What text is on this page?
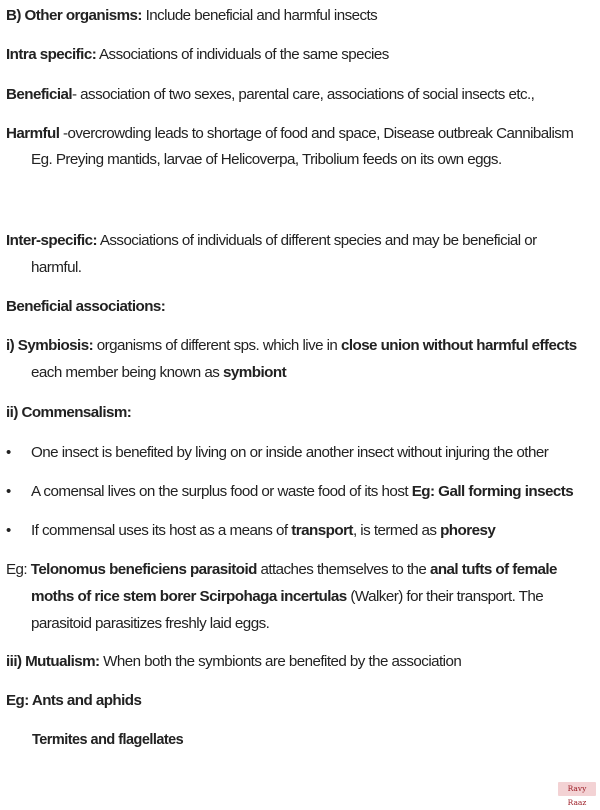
B) Other organisms: Include beneficial and harmful insects
Intra specific: Associations of individuals of the same species
Beneficial- association of two sexes, parental care, associations of social insects etc.,
Harmful -overcrowding leads to shortage of food and space, Disease outbreak Cannibalism
Eg. Preying mantids, larvae of Helicoverpa, Tribolium feeds on its own eggs.
Inter-specific: Associations of individuals of different species and may be beneficial or
harmful.
Beneficial associations:
i) Symbiosis: organisms of different sps. which live in close union without harmful effects
each member being known as symbiont
ii) Commensalism:
• One insect is benefited by living on or inside another insect without injuring the other
• A comensal lives on the surplus food or waste food of its host Eg: Gall forming insects
• If commensal uses its host as a means of transport, is termed as phoresy
Eg: Telonomus beneficiens parasitoid attaches themselves to the anal tufts of female
moths of rice stem borer Scirpohaga incertulas (Walker) for their transport. The
parasitoid parasitizes freshly laid eggs.
iii) Mutualism: When both the symbionts are benefited by the association
Eg: Ants and aphids
Termites and flagellates
Ravy Raaz
